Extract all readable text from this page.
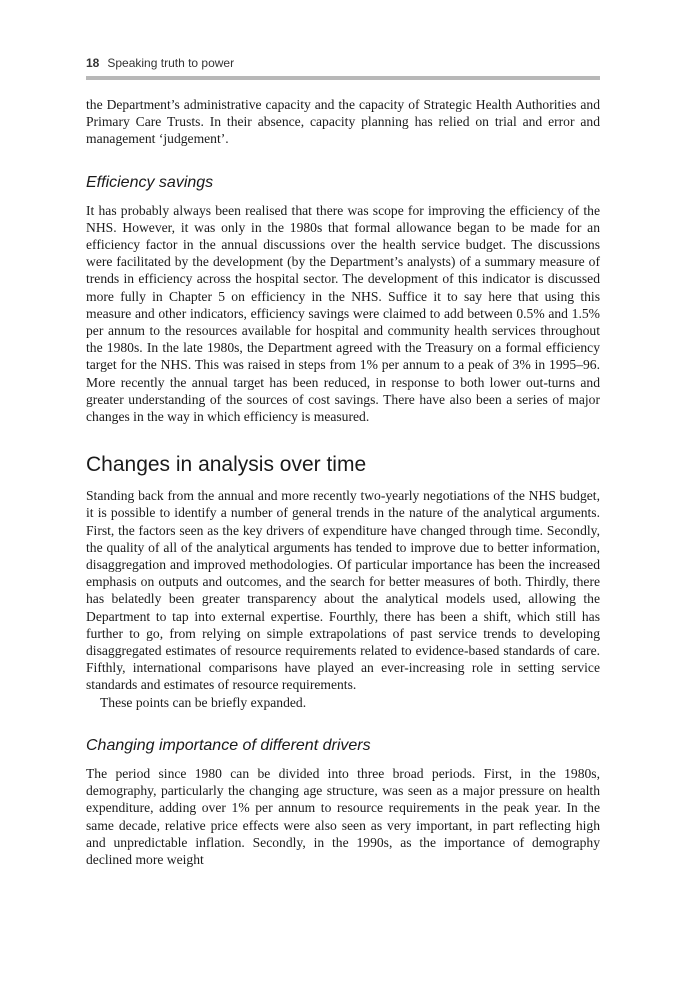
18 Speaking truth to power

the Department’s administrative capacity and the capacity of Strategic Health Authorities and Primary Care Trusts. In their absence, capacity planning has relied on trial and error and management ‘judgement’.

Efficiency savings

It has probably always been realised that there was scope for improving the efficiency of the NHS. However, it was only in the 1980s that formal allowance began to be made for an efficiency factor in the annual discussions over the health service budget. The discussions were facilitated by the development (by the Department’s analysts) of a summary measure of trends in efficiency across the hospital sector. The development of this indicator is discussed more fully in Chapter 5 on efficiency in the NHS. Suffice it to say here that using this measure and other indicators, efficiency savings were claimed to add between 0.5% and 1.5% per annum to the resources available for hospital and community health services throughout the 1980s. In the late 1980s, the Department agreed with the Treasury on a formal efficiency target for the NHS. This was raised in steps from 1% per annum to a peak of 3% in 1995–96. More recently the annual target has been reduced, in response to both lower out-turns and greater understanding of the sources of cost savings. There have also been a series of major changes in the way in which efficiency is measured.

Changes in analysis over time

Standing back from the annual and more recently two-yearly negotiations of the NHS budget, it is possible to identify a number of general trends in the nature of the analytical arguments. First, the factors seen as the key drivers of expenditure have changed through time. Secondly, the quality of all of the analytical arguments has tended to improve due to better information, disaggregation and improved methodologies. Of particular importance has been the increased emphasis on outputs and outcomes, and the search for better measures of both. Thirdly, there has belatedly been greater transparency about the analytical models used, allowing the Department to tap into external expertise. Fourthly, there has been a shift, which still has further to go, from relying on simple extrapolations of past service trends to developing disaggregated estimates of resource requirements related to evidence-based standards of care. Fifthly, international comparisons have played an ever-increasing role in setting service standards and estimates of resource requirements.

These points can be briefly expanded.

Changing importance of different drivers

The period since 1980 can be divided into three broad periods. First, in the 1980s, demography, particularly the changing age structure, was seen as a major pressure on health expenditure, adding over 1% per annum to resource requirements in the peak year. In the same decade, relative price effects were also seen as very important, in part reflecting high and unpredictable inflation. Secondly, in the 1990s, as the importance of demography declined more weight
